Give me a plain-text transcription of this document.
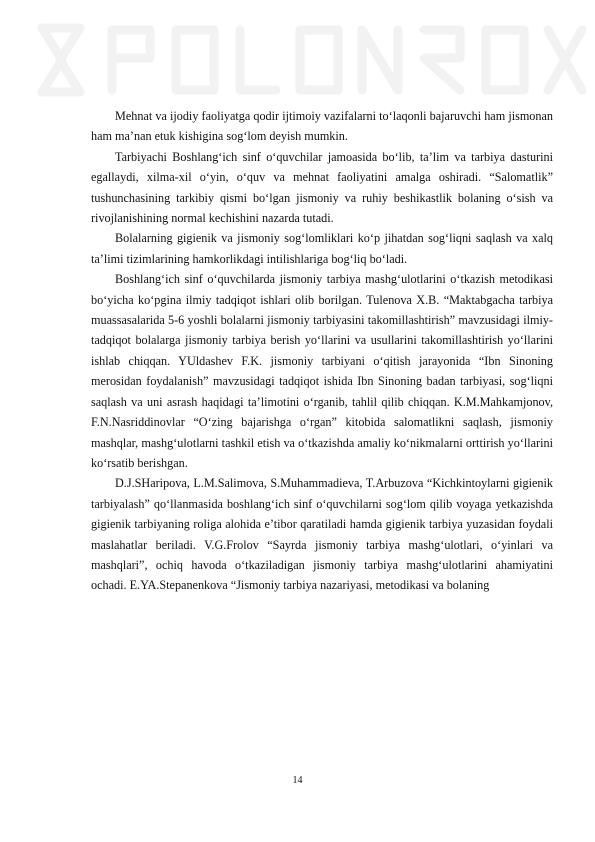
Mehnat va ijodiy faoliyatga qodir ijtimoiy vazifalarni to‘laqonli bajaruvchi ham jismonan ham ma’nan etuk kishigina sog‘lom deyish mumkin.

Tarbiyachi Boshlang‘ich sinf o‘quvchilar jamoasida bo‘lib, ta’lim va tarbiya dasturini egallaydi, xilma-xil o‘yin, o‘quv va mehnat faoliyatini amalga oshiradi. “Salomatlik” tushunchasining tarkibiy qismi bo‘lgan jismoniy va ruhiy beshikastlik bolaning o‘sish va rivojlanishining normal kechishini nazarda tutadi.

Bolalarning gigienik va jismoniy sog‘lomliklari ko‘p jihatdan sog‘liqni saqlash va xalq ta’limi tizimlarining hamkorlikdagi intilishlariga bog‘liq bo‘ladi.

Boshlang‘ich sinf o‘quvchilarda jismoniy tarbiya mashg‘ulotlarini o‘tkazish metodikasi bo‘yicha ko‘pgina ilmiy tadqiqot ishlari olib borilgan. Tulenova X.B. “Maktabgacha tarbiya muassasalarida 5-6 yoshli bolalarni jismoniy tarbiyasini takomillashtirish” mavzusidagi ilmiy-tadqiqot bolalarga jismoniy tarbiya berish yo‘llarini va usullarini takomillashtirish yo‘llarini ishlab chiqqan. YUldashev F.K. jismoniy tarbiyani o‘qitish jarayonida “Ibn Sinoning merosidan foydalanish” mavzusidagi tadqiqot ishida Ibn Sinoning badan tarbiyasi, sog‘liqni saqlash va uni asrash haqidagi ta’limotini o‘rganib, tahlil qilib chiqqan. K.M.Mahkamjonov, F.N.Nasriddinovlar “O‘zing bajarishga o‘rgan” kitobida salomatlikni saqlash, jismoniy mashqlar, mashg‘ulotlarni tashkil etish va o‘tkazishda amaliy ko‘nikmalarni orttirish yo‘llarini ko‘rsatib berishgan.

D.J.SHaripova, L.M.Salimova, S.Muhammadieva, T.Arbuzova “Kichkintoylarni gigienik tarbiyalash” qo‘llanmasida boshlang‘ich sinf o‘quvchilarni sog‘lom qilib voyaga yetkazishda gigienik tarbiyaning roliga alohida e’tibor qaratiladi hamda gigienik tarbiya yuzasidan foydali maslahatlar beriladi. V.G.Frolov “Sayrda jismoniy tarbiya mashg‘ulotlari, o‘yinlari va mashqlari”, ochiq havoda o‘tkaziladigan jismoniy tarbiya mashg‘ulotlarini ahamiyatini ochadi. E.YA.Stepanenkova “Jismoniy tarbiya nazariyasi, metodikasi va bolaning

14
